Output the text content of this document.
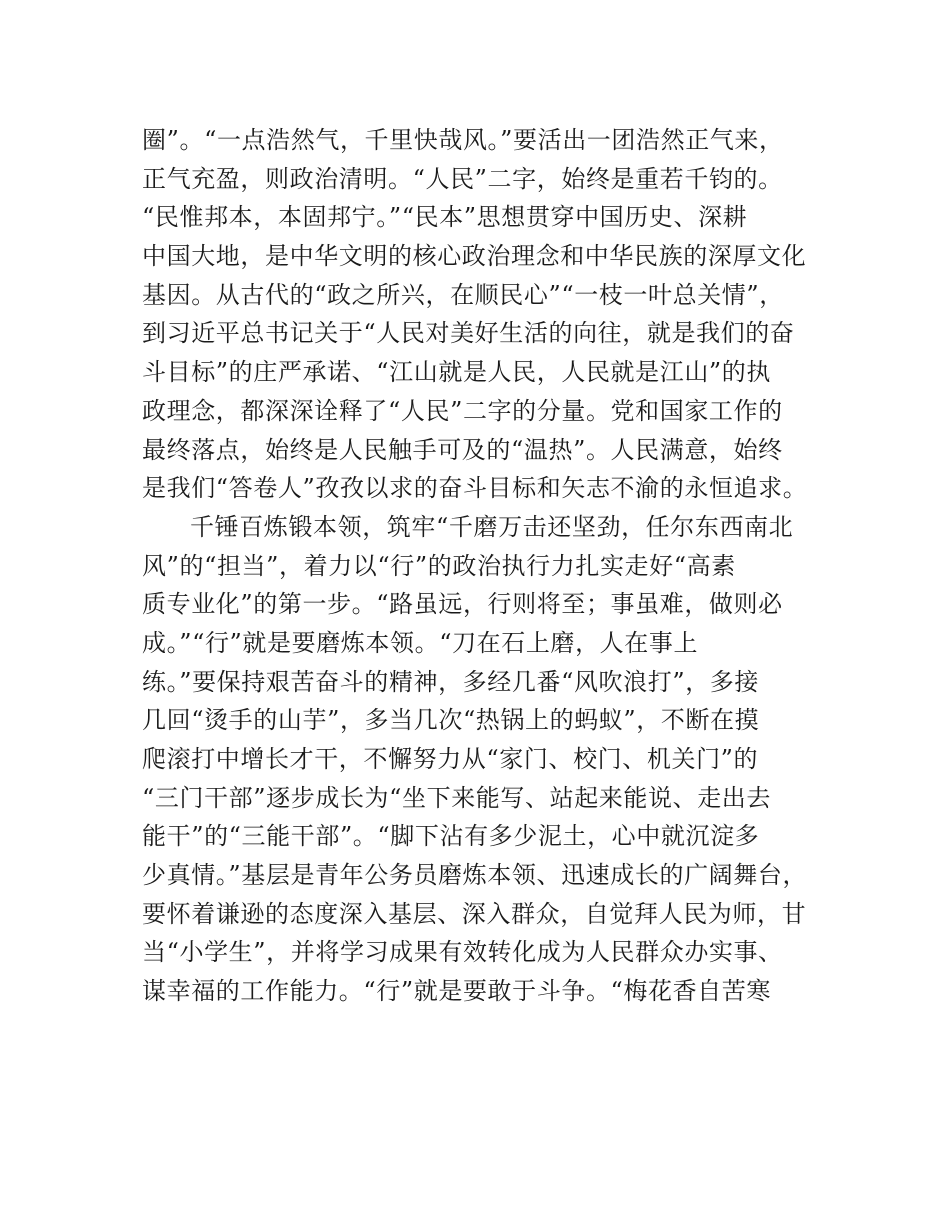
圈”。“一点浩然气，千里快哉风。”要活出一团浩然正气来，
正气充盈，则政治清明。“人民”二字，始终是重若千钧的。
“民惟邦本，本固邦宁。”“民本”思想贯穿中国历史、深耕
中国大地，是中华文明的核心政治理念和中华民族的深厚文化
基因。从古代的“政之所兴，在顺民心”“一枝一叶总关情”，
到习近平总书记关于“人民对美好生活的向往，就是我们的奋
斗目标”的庄严承诺、“江山就是人民，人民就是江山”的执
政理念，都深深诠释了“人民”二字的分量。党和国家工作的
最终落点，始终是人民触手可及的“温热”。人民满意，始终
是我们“答卷人”孜孜以求的奋斗目标和矢志不渝的永恒追求。
千锤百炼锻本领，筑牢“千磨万击还坚劲，任尔东西南北
风”的“担当”，着力以“行”的政治执行力扎实走好“高素
质专业化”的第一步。“路虽远，行则将至；事虽难，做则必
成。”“行”就是要磨炼本领。“刀在石上磨，人在事上
练。”要保持艰苦奋斗的精神，多经几番“风吹浪打”，多接
几回“烫手的山芋”，多当几次“热锅上的蚂蚁”，不断在摸
爬滚打中增长才干，不懈努力从“家门、校门、机关门”的
“三门干部”逐步成长为“坐下来能写、站起来能说、走出去
能干”的“三能干部”。“脚下沾有多少泥土，心中就沉淀多
少真情。”基层是青年公务员磨炼本领、迅速成长的广阔舞台，
要怀着谦逊的态度深入基层、深入群众，自觉拜人民为师，甘
当“小学生”，并将学习成果有效转化成为人民群众办实事、
谋幸福的工作能力。“行”就是要敢于斗争。“梅花香自苦寒
